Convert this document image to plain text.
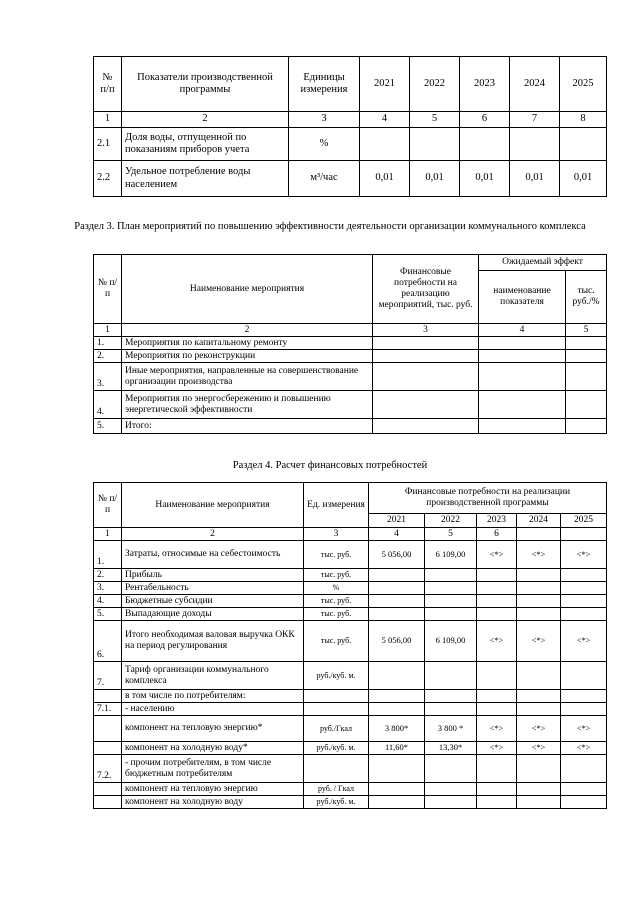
№ п/п	Показатели производственной программы	Единицы измерения	2021	2022	2023	2024	2025
1	2	3	4	5	6	7	8
2.1	Доля воды, отпущенной по показаниям приборов учета	%					
2.2	Удельное потребление воды населением	м³/час	0,01	0,01	0,01	0,01	0,01
Раздел 3. План мероприятий по повышению эффективности деятельности организации коммунального комплекса
№ п/п	Наименование мероприятия	Финансовые потребности на реализацию мероприятий, тыс. руб.	Ожидаемый эффект	
			наименование показателя	тыс. руб./%
1	2	3	4	5
1.	Мероприятия по капитальному ремонту			
2.	Мероприятия по реконструкции			
3.	Иные мероприятия, направленные на совершенствование организации производства			
4.	Мероприятия по энергосбережению и повышению энергетической эффективности			
5.	Итого:			
Раздел 4. Расчет финансовых потребностей
№ п/п	Наименование мероприятия	Ед. измерения	Финансовые потребности на реализации производственной программы				
			2021	2022	2023	2024	2025
1	2	3	4	5	6		
1.	Затраты, относимые на себестоимость	тыс. руб.	5 056,00	6 109,00	<*>	<*>	<*>
2.	Прибыль	тыс. руб.					
3.	Рентабельность	%					
4.	Бюджетные субсидии	тыс. руб.					
5.	Выпадающие доходы	тыс. руб.					
6.	Итого необходимая валовая выручка ОКК на период регулирования	тыс. руб.	5 056,00	6 109,00	<*>	<*>	<*>
7.	Тариф организации коммунального комплекса	руб./куб. м.					
	в том числе по потребителям:						
7.1.	- населению						
	компонент на тепловую энергию*	руб./Гкал	3 800*	3 800 *	<*>	<*>	<*>
	компонент на холодную воду*	руб./куб. м.	11,60*	13,30*	<*>	<*>	<*>
7.2.	- прочим потребителям, в том числе бюджетным потребителям						
	компонент на тепловую энергию	руб. / Гкал					
	компонент на холодную воду	руб./куб. м.					
